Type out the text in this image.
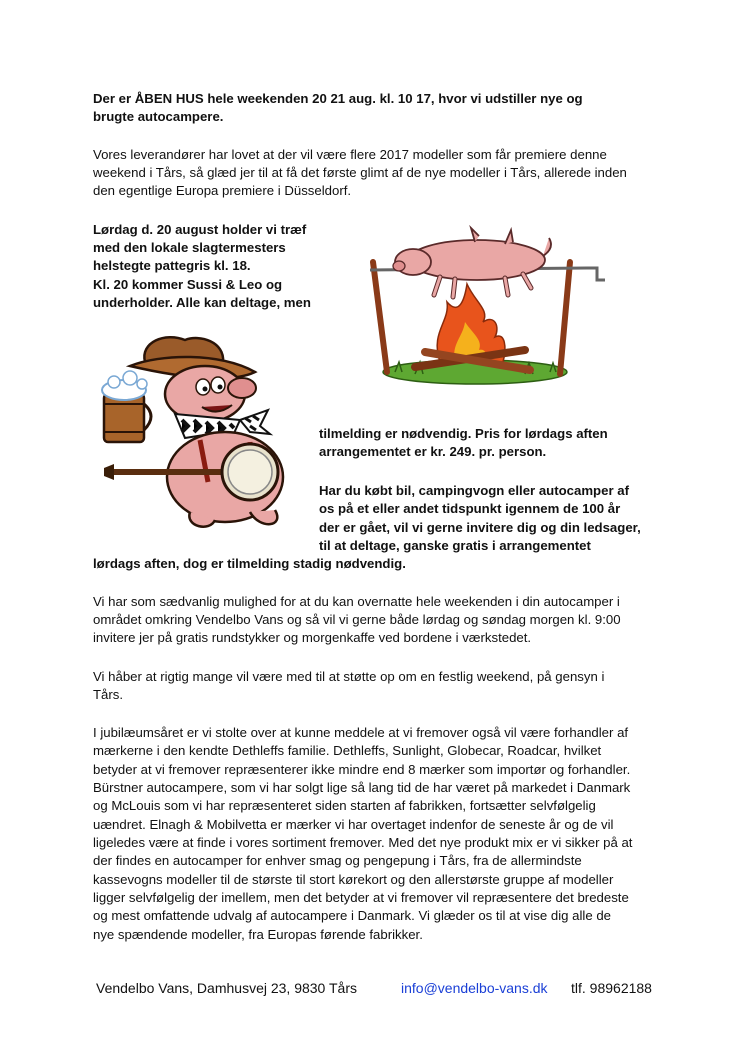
Der er ÅBEN HUS hele weekenden 20 21 aug. kl. 10 17, hvor vi udstiller nye og
brugte autocampere.
Vores leverandører har lovet at der vil være flere 2017 modeller som får premiere denne
weekend i Tårs, så glæd jer til at få det første glimt af de nye modeller i Tårs, allerede inden
den egentlige Europa premiere i Düsseldorf.
Lørdag d. 20 august holder vi træf
med den lokale slagtermesters
helstegte pattegris kl. 18.
Kl. 20 kommer Sussi & Leo og
underholder. Alle kan deltage, men
tilmelding er nødvendig. Pris for lørdags aften
arrangementet er kr. 249. pr. person.
Har du købt bil, campingvogn eller autocamper af
os på et eller andet tidspunkt igennem de 100 år
der er gået, vil vi gerne invitere dig og din ledsager,
til at deltage, ganske gratis i arrangementet
lørdags aften, dog er tilmelding stadig nødvendig.
Vi har som sædvanlig mulighed for at du kan overnatte hele weekenden i din autocamper i
området omkring Vendelbo Vans og så vil vi gerne både lørdag og søndag morgen kl. 9:00
invitere jer på gratis rundstykker og morgenkaffe ved bordene i værkstedet.
Vi håber at rigtig mange vil være med til at støtte op om en festlig weekend, på gensyn i
Tårs.
I jubilæumsåret er vi stolte over at kunne meddele at vi fremover også vil være forhandler af
mærkerne i den kendte Dethleffs familie. Dethleffs, Sunlight, Globecar, Roadcar, hvilket
betyder at vi fremover repræsenterer ikke mindre end 8 mærker som importør og forhandler.
Bürstner autocampere, som vi har solgt lige så lang tid de har været på markedet i Danmark
og McLouis som vi har repræsenteret siden starten af fabrikken, fortsætter selvfølgelig
uændret. Elnagh & Mobilvetta er mærker vi har overtaget indenfor de seneste år og de vil
ligeledes være at finde i vores sortiment fremover. Med det nye produkt mix er vi sikker på at
der findes en autocamper for enhver smag og pengepung i Tårs, fra de allermindste
kassevogns modeller til de største til stort kørekort og den allerstørste gruppe af modeller
ligger selvfølgelig der imellem, men det betyder at vi fremover vil repræsentere det bredeste
og mest omfattende udvalg af autocampere i Danmark. Vi glæder os til at vise dig alle de
nye spændende modeller, fra Europas førende fabrikker.
Vendelbo Vans, Damhusvej 23, 9830 Tårs	info@vendelbo-vans.dk tlf. 98962188
